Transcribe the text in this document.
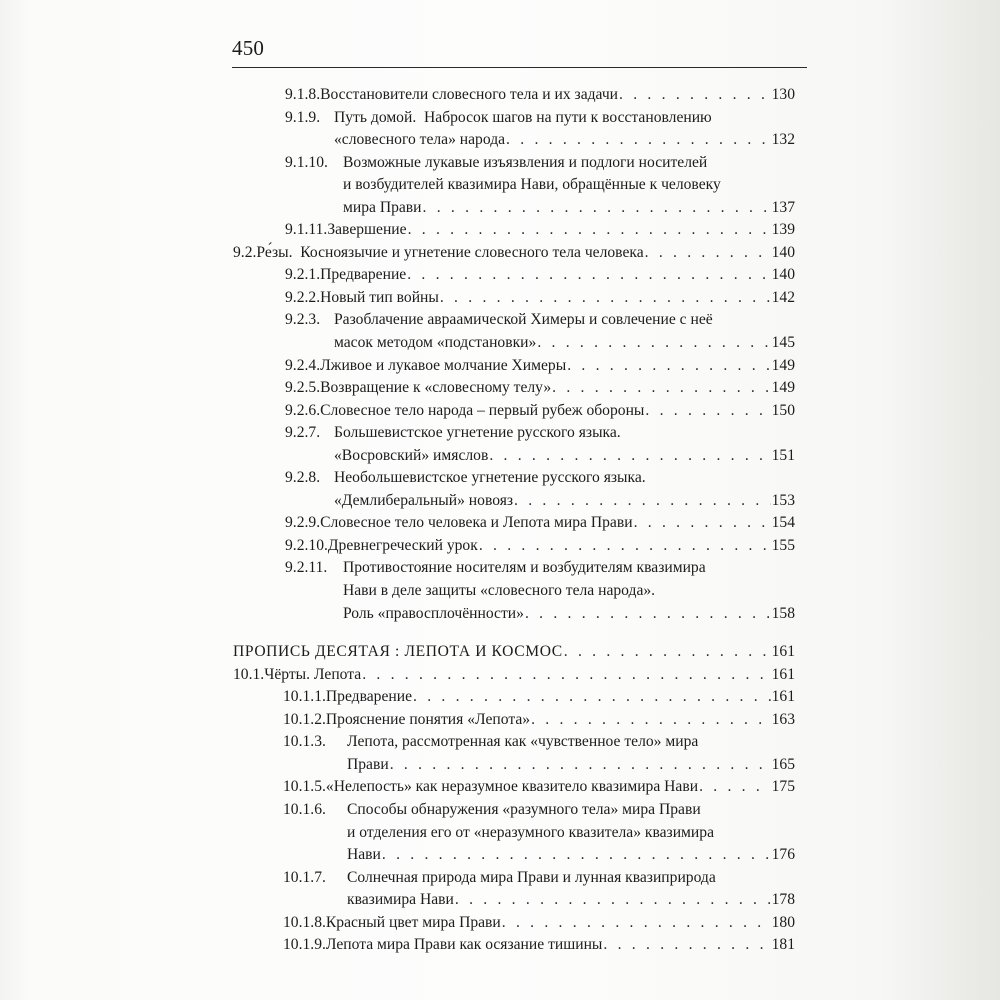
450
9.1.8. Восстановители словесного тела и их задачи . . .	130
9.1.9. Путь домой.  Набросок шагов на пути к восстановлению
«словесного тела» народа . . .	132
9.1.10. Возможные лукавые изъязвления и подлоги носителей
и возбудителей квазимира Нави, обращённые к человеку
мира Прави . . .	137
9.1.11. Завершение . . .	139
9.2. Ре́зы.  Косноязычие и угнетение словесного тела человека . . .	140
9.2.1. Предварение . . .	140
9.2.2. Новый тип войны . . .	142
9.2.3. Разоблачение авраамической Химеры и совлечение с неё
масок методом «подстановки» . . .	145
9.2.4. Лживое и лукавое молчание Химеры . . .	149
9.2.5. Возвращение к «словесному телу» . . .	149
9.2.6. Словесное тело народа – первый рубеж обороны . . .	150
9.2.7. Большевистское угнетение русского языка.
«Восровский» имяслов . . .	151
9.2.8. Необольшевистское угнетение русского языка.
«Демлиберальный» новояз . . .	153
9.2.9. Словесное тело человека и Лепота мира Прави . . .	154
9.2.10. Древнегреческий урок . . .	155
9.2.11.	Противостояние носителям и возбудителям квазимира
Нави в деле защиты «словесного тела народа».
Роль «правосплочённости» . . .	158
ПРОПИСЬ ДЕСЯТАЯ : ЛЕПОТА И КОСМОС . . .	161
10.1. Чёрты. Лепота . . .	161
10.1.1. Предварение . . .	161
10.1.2. Прояснение понятия «Лепота» . . .	163
10.1.3.	Лепота, рассмотренная как «чувственное тело» мира
Прави . . .	165
10.1.5. «Нелепость» как неразумное квазитело квазимира Нави . . .	175
10.1.6.	Способы обнаружения «разумного тела» мира Прави
и отделения его от «неразумного квазитела» квазимира
Нави . . .	176
10.1.7.	Солнечная природа мира Прави и лунная квазиприрода
квазимира Нави . . .	178
10.1.8. Красный цвет мира Прави . . .	180
10.1.9. Лепота мира Прави как осязание тишины . . .	181
